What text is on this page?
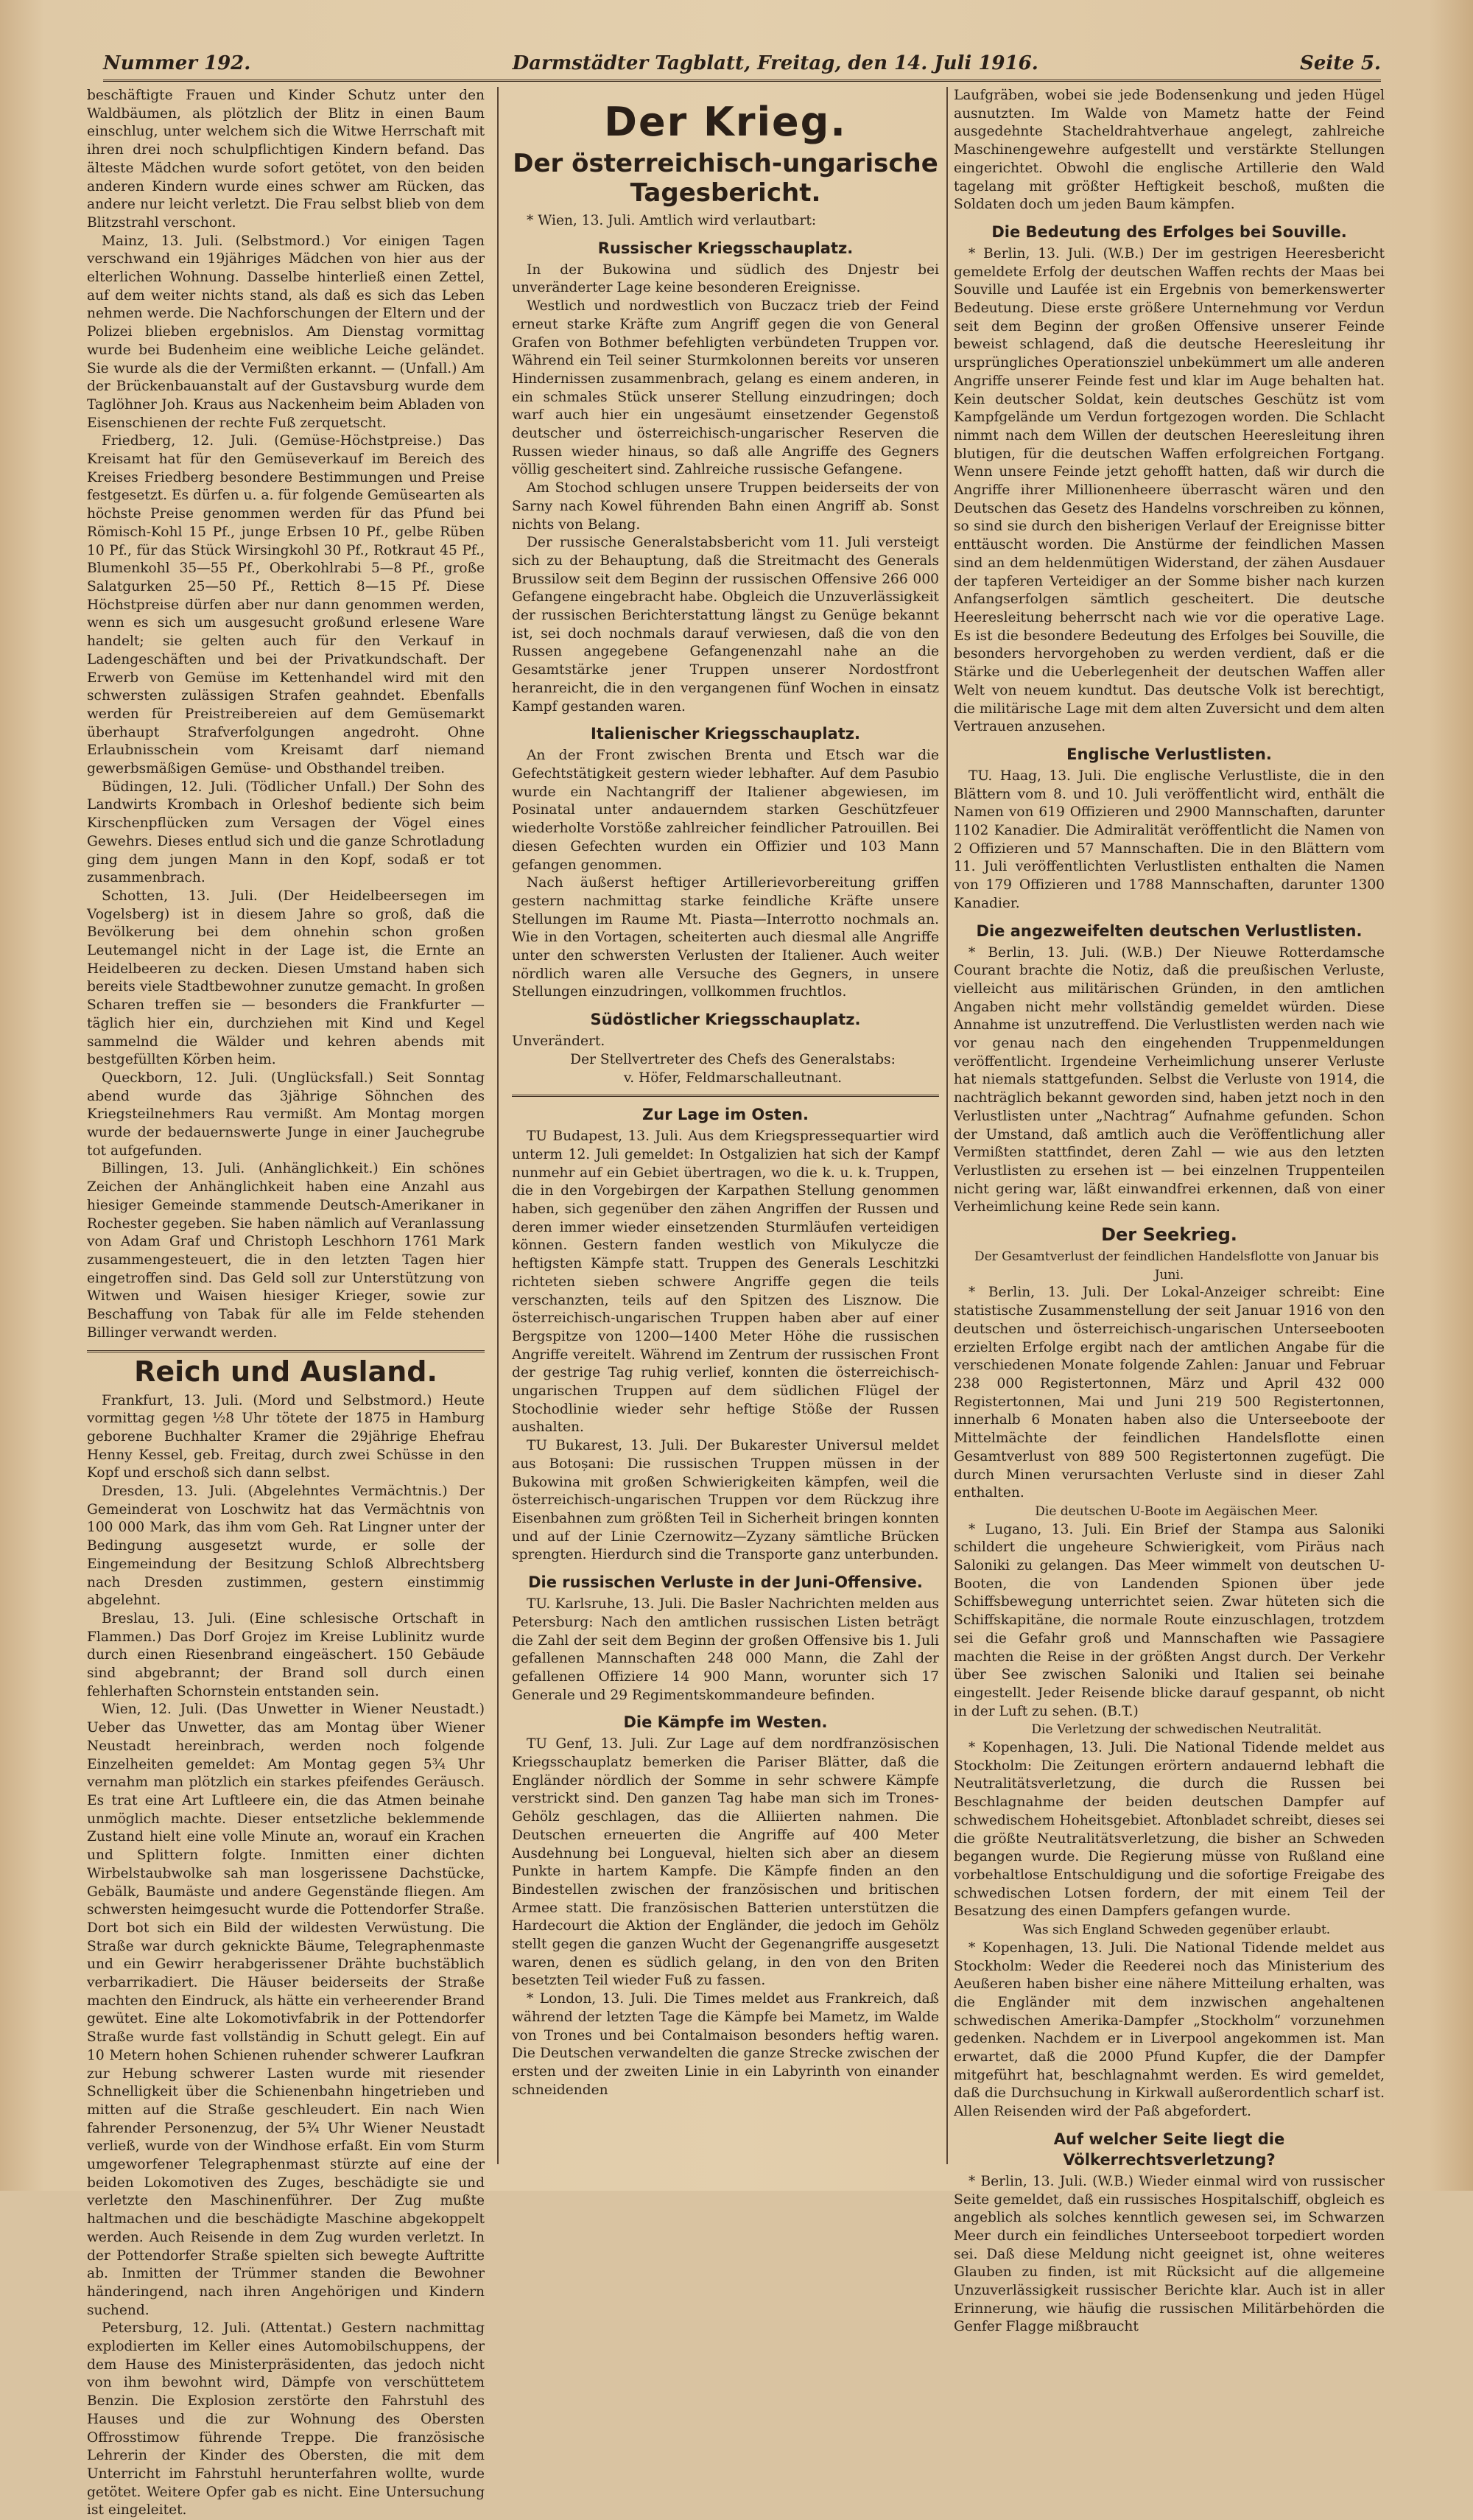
Nummer 192.	Darmstädter Tagblatt, Freitag, den 14. Juli 1916.	Seite 5.

beschäftigte Frauen und Kinder Schutz unter den Waldbäumen, als plötzlich der Blitz in einen Baum einschlug, unter welchem sich die Witwe Herrschaft mit ihren drei noch schulpflichtigen Kindern befand. Das älteste Mädchen wurde sofort getötet, von den beiden anderen Kindern wurde eines schwer am Rücken, das andere nur leicht verletzt. Die Frau selbst blieb von dem Blitzstrahl verschont.

Mainz, 13. Juli. (Selbstmord.) Vor einigen Tagen verschwand ein 19jähriges Mädchen von hier aus der elterlichen Wohnung. Dasselbe hinterließ einen Zettel, auf dem weiter nichts stand, als daß es sich das Leben nehmen werde. Die Nachforschungen der Eltern und der Polizei blieben ergebnislos. Am Dienstag vormittag wurde bei Budenheim eine weibliche Leiche geländet. Sie wurde als die der Vermißten erkannt. — (Unfall.) Am der Brückenbauanstalt auf der Gustavsburg wurde dem Taglöhner Joh. Kraus aus Nackenheim beim Abladen von Eisenschienen der rechte Fuß zerquetscht.

Friedberg, 12. Juli. (Gemüse-Höchstpreise.) Das Kreisamt hat für den Gemüseverkauf im Bereich des Kreises Friedberg besondere Bestimmungen und Preise festgesetzt. Es dürfen u. a. für folgende Gemüsearten als höchste Preise genommen werden für das Pfund bei Römisch-Kohl 15 Pf., junge Erbsen 10 Pf., gelbe Rüben 10 Pf., für das Stück Wirsingkohl 30 Pf., Rotkraut 45 Pf., Blumenkohl 35—55 Pf., Oberkohlrabi 5—8 Pf., große Salatgurken 25—50 Pf., Rettich 8—15 Pf. Diese Höchstpreise dürfen aber nur dann genommen werden, wenn es sich um ausgesucht großund erlesene Ware handelt; sie gelten auch für den Verkauf in Ladengeschäften und bei der Privatkundschaft. Der Erwerb von Gemüse im Kettenhandel wird mit den schwersten zulässigen Strafen geahndet. Ebenfalls werden für Preistreibereien auf dem Gemüsemarkt überhaupt Strafverfolgungen angedroht. Ohne Erlaubnisschein vom Kreisamt darf niemand gewerbsmäßigen Gemüse- und Obsthandel treiben.

Büdingen, 12. Juli. (Tödlicher Unfall.) Der Sohn des Landwirts Krombach in Orleshof bediente sich beim Kirschenpflücken zum Versagen der Vögel eines Gewehrs. Dieses entlud sich und die ganze Schrotladung ging dem jungen Mann in den Kopf, sodaß er tot zusammenbrach.

Schotten, 13. Juli. (Der Heidelbeersegen im Vogelsberg) ist in diesem Jahre so groß, daß die Bevölkerung bei dem ohnehin schon großen Leutemangel nicht in der Lage ist, die Ernte an Heidelbeeren zu decken. Diesen Umstand haben sich bereits viele Stadtbewohner zunutze gemacht. In großen Scharen treffen sie — besonders die Frankfurter — täglich hier ein, durchziehen mit Kind und Kegel sammelnd die Wälder und kehren abends mit bestgefüllten Körben heim.

Queckborn, 12. Juli. (Unglücksfall.) Seit Sonntag abend wurde das 3jährige Söhnchen des Kriegsteilnehmers Rau vermißt. Am Montag morgen wurde der bedauernswerte Junge in einer Jauchegrube tot aufgefunden.

Billingen, 13. Juli. (Anhänglichkeit.) Ein schönes Zeichen der Anhänglichkeit haben eine Anzahl aus hiesiger Gemeinde stammende Deutsch-Amerikaner in Rochester gegeben. Sie haben nämlich auf Veranlassung von Adam Graf und Christoph Leschhorn 1761 Mark zusammengesteuert, die in den letzten Tagen hier eingetroffen sind. Das Geld soll zur Unterstützung von Witwen und Waisen hiesiger Krieger, sowie zur Beschaffung von Tabak für alle im Felde stehenden Billinger verwandt werden.

Reich und Ausland.

Frankfurt, 13. Juli. (Mord und Selbstmord.) Heute vormittag gegen ½8 Uhr tötete der 1875 in Hamburg geborene Buchhalter Kramer die 29jährige Ehefrau Henny Kessel, geb. Freitag, durch zwei Schüsse in den Kopf und erschoß sich dann selbst.

Dresden, 13. Juli. (Abgelehntes Vermächtnis.) Der Gemeinderat von Loschwitz hat das Vermächtnis von 100 000 Mark, das ihm vom Geh. Rat Lingner unter der Bedingung ausgesetzt wurde, er solle der Eingemeindung der Besitzung Schloß Albrechtsberg nach Dresden zustimmen, gestern einstimmig abgelehnt.

Breslau, 13. Juli. (Eine schlesische Ortschaft in Flammen.) Das Dorf Grojez im Kreise Lublinitz wurde durch einen Riesenbrand eingeäschert. 150 Gebäude sind abgebrannt; der Brand soll durch einen fehlerhaften Schornstein entstanden sein.

Wien, 12. Juli. (Das Unwetter in Wiener Neustadt.) Ueber das Unwetter, das am Montag über Wiener Neustadt hereinbrach, werden noch folgende Einzelheiten gemeldet: Am Montag gegen 5¾ Uhr vernahm man plötzlich ein starkes pfeifendes Geräusch. Es trat eine Art Luftleere ein, die das Atmen beinahe unmöglich machte. Dieser entsetzliche beklemmende Zustand hielt eine volle Minute an, worauf ein Krachen und Splittern folgte. Inmitten einer dichten Wirbelstaubwolke sah man losgerissene Dachstücke, Gebälk, Baumäste und andere Gegenstände fliegen. Am schwersten heimgesucht wurde die Pottendorfer Straße. Dort bot sich ein Bild der wildesten Verwüstung. Die Straße war durch geknickte Bäume, Telegraphenmaste und ein Gewirr herabgerissener Drähte buchstäblich verbarrikadiert. Die Häuser beiderseits der Straße machten den Eindruck, als hätte ein verheerender Brand gewütet. Eine alte Lokomotivfabrik in der Pottendorfer Straße wurde fast vollständig in Schutt gelegt. Ein auf 10 Metern hohen Schienen ruhender schwerer Laufkran zur Hebung schwerer Lasten wurde mit riesender Schnelligkeit über die Schienenbahn hingetrieben und mitten auf die Straße geschleudert. Ein nach Wien fahrender Personenzug, der 5¾ Uhr Wiener Neustadt verließ, wurde von der Windhose erfaßt. Ein vom Sturm umgeworfener Telegraphenmast stürzte auf eine der beiden Lokomotiven des Zuges, beschädigte sie und verletzte den Maschinenführer. Der Zug mußte haltmachen und die beschädigte Maschine abgekoppelt werden. Auch Reisende in dem Zug wurden verletzt. In der Pottendorfer Straße spielten sich bewegte Auftritte ab. Inmitten der Trümmer standen die Bewohner händeringend, nach ihren Angehörigen und Kindern suchend.

Petersburg, 12. Juli. (Attentat.) Gestern nachmittag explodierten im Keller eines Automobilschuppens, der dem Hause des Ministerpräsidenten, das jedoch nicht von ihm bewohnt wird, Dämpfe von verschüttetem Benzin. Die Explosion zerstörte den Fahrstuhl des Hauses und die zur Wohnung des Obersten Offrosstimow führende Treppe. Die französische Lehrerin der Kinder des Obersten, die mit dem Unterricht im Fahrstuhl herunterfahren wollte, wurde getötet. Weitere Opfer gab es nicht. Eine Untersuchung ist eingeleitet.

Der Krieg.
Der österreichisch-ungarische Tagesbericht.

* Wien, 13. Juli. Amtlich wird verlautbart:

Russischer Kriegsschauplatz.

In der Bukowina und südlich des Dnjestr bei unveränderter Lage keine besonderen Ereignisse.

Westlich und nordwestlich von Buczacz trieb der Feind erneut starke Kräfte zum Angriff gegen die von General Grafen von Bothmer befehligten verbündeten Truppen vor. Während ein Teil seiner Sturmkolonnen bereits vor unseren Hindernissen zusammenbrach, gelang es einem anderen, in ein schmales Stück unserer Stellung einzudringen; doch warf auch hier ein ungesäumt einsetzender Gegenstoß deutscher und österreichisch-ungarischer Reserven die Russen wieder hinaus, so daß alle Angriffe des Gegners völlig gescheitert sind. Zahlreiche russische Gefangene.

Am Stochod schlugen unsere Truppen beiderseits der von Sarny nach Kowel führenden Bahn einen Angriff ab. Sonst nichts von Belang.

Der russische Generalstabsbericht vom 11. Juli versteigt sich zu der Behauptung, daß die Streitmacht des Generals Brussilow seit dem Beginn der russischen Offensive 266 000 Gefangene eingebracht habe. Obgleich die Unzuverlässigkeit der russischen Berichterstattung längst zu Genüge bekannt ist, sei doch nochmals darauf verwiesen, daß die von den Russen angegebene Gefangenenzahl nahe an die Gesamtstärke jener Truppen unserer Nordostfront heranreicht, die in den vergangenen fünf Wochen in einsatz Kampf gestanden waren.

Italienischer Kriegsschauplatz.

An der Front zwischen Brenta und Etsch war die Gefechtstätigkeit gestern wieder lebhafter. Auf dem Pasubio wurde ein Nachtangriff der Italiener abgewiesen, im Posinatal unter andauerndem starken Geschützfeuer wiederholte Vorstöße zahlreicher feindlicher Patrouillen. Bei diesen Gefechten wurden ein Offizier und 103 Mann gefangen genommen.

Nach äußerst heftiger Artillerievorbereitung griffen gestern nachmittag starke feindliche Kräfte unsere Stellungen im Raume Mt. Piasta—Interrotto nochmals an. Wie in den Vortagen, scheiterten auch diesmal alle Angriffe unter den schwersten Verlusten der Italiener. Auch weiter nördlich waren alle Versuche des Gegners, in unsere Stellungen einzudringen, vollkommen fruchtlos.

Südöstlicher Kriegsschauplatz.

Unverändert.

Der Stellvertreter des Chefs des Generalstabs:

v. Höfer, Feldmarschalleutnant.

Zur Lage im Osten.

TU Budapest, 13. Juli. Aus dem Kriegspressequartier wird unterm 12. Juli gemeldet: In Ostgalizien hat sich der Kampf nunmehr auf ein Gebiet übertragen, wo die k. u. k. Truppen, die in den Vorgebirgen der Karpathen Stellung genommen haben, sich gegenüber den zähen Angriffen der Russen und deren immer wieder einsetzenden Sturmläufen verteidigen können. Gestern fanden westlich von Mikulycze die heftigsten Kämpfe statt. Truppen des Generals Leschitzki richteten sieben schwere Angriffe gegen die teils verschanzten, teils auf den Spitzen des Lisznow. Die österreichisch-ungarischen Truppen haben aber auf einer Bergspitze von 1200—1400 Meter Höhe die russischen Angriffe vereitelt. Während im Zentrum der russischen Front der gestrige Tag ruhig verlief, konnten die österreichisch-ungarischen Truppen auf dem südlichen Flügel der Stochodlinie wieder sehr heftige Stöße der Russen aushalten.

TU Bukarest, 13. Juli. Der Bukarester Universul meldet aus Botoșani: Die russischen Truppen müssen in der Bukowina mit großen Schwierigkeiten kämpfen, weil die österreichisch-ungarischen Truppen vor dem Rückzug ihre Eisenbahnen zum größten Teil in Sicherheit bringen konnten und auf der Linie Czernowitz—Zyzany sämtliche Brücken sprengten. Hierdurch sind die Transporte ganz unterbunden.

Die russischen Verluste in der Juni-Offensive.

TU. Karlsruhe, 13. Juli. Die Basler Nachrichten melden aus Petersburg: Nach den amtlichen russischen Listen beträgt die Zahl der seit dem Beginn der großen Offensive bis 1. Juli gefallenen Mannschaften 248 000 Mann, die Zahl der gefallenen Offiziere 14 900 Mann, worunter sich 17 Generale und 29 Regimentskommandeure befinden.

Die Kämpfe im Westen.

TU Genf, 13. Juli. Zur Lage auf dem nordfranzösischen Kriegsschauplatz bemerken die Pariser Blätter, daß die Engländer nördlich der Somme in sehr schwere Kämpfe verstrickt sind. Den ganzen Tag habe man sich im Trones-Gehölz geschlagen, das die Alliierten nahmen. Die Deutschen erneuerten die Angriffe auf 400 Meter Ausdehnung bei Longueval, hielten sich aber an diesem Punkte in hartem Kampfe. Die Kämpfe finden an den Bindestellen zwischen der französischen und britischen Armee statt. Die französischen Batterien unterstützen die Hardecourt die Aktion der Engländer, die jedoch im Gehölz stellt gegen die ganzen Wucht der Gegenangriffe ausgesetzt waren, denen es südlich gelang, in den von den Briten besetzten Teil wieder Fuß zu fassen.

* London, 13. Juli. Die Times meldet aus Frankreich, daß während der letzten Tage die Kämpfe bei Mametz, im Walde von Trones und bei Contalmaison besonders heftig waren. Die Deutschen verwandelten die ganze Strecke zwischen der ersten und der zweiten Linie in ein Labyrinth von einander schneidenden

Laufgräben, wobei sie jede Bodensenkung und jeden Hügel ausnutzten. Im Walde von Mametz hatte der Feind ausgedehnte Stacheldrahtverhaue angelegt, zahlreiche Maschinengewehre aufgestellt und verstärkte Stellungen eingerichtet. Obwohl die englische Artillerie den Wald tagelang mit größter Heftigkeit beschoß, mußten die Soldaten doch um jeden Baum kämpfen.

Die Bedeutung des Erfolges bei Souville.

* Berlin, 13. Juli. (W.B.) Der im gestrigen Heeresbericht gemeldete Erfolg der deutschen Waffen rechts der Maas bei Souville und Laufée ist ein Ergebnis von bemerkenswerter Bedeutung. Diese erste größere Unternehmung vor Verdun seit dem Beginn der großen Offensive unserer Feinde beweist schlagend, daß die deutsche Heeresleitung ihr ursprüngliches Operationsziel unbekümmert um alle anderen Angriffe unserer Feinde fest und klar im Auge behalten hat. Kein deutscher Soldat, kein deutsches Geschütz ist vom Kampfgelände um Verdun fortgezogen worden. Die Schlacht nimmt nach dem Willen der deutschen Heeresleitung ihren blutigen, für die deutschen Waffen erfolgreichen Fortgang. Wenn unsere Feinde jetzt gehofft hatten, daß wir durch die Angriffe ihrer Millionenheere überrascht wären und den Deutschen das Gesetz des Handelns vorschreiben zu können, so sind sie durch den bisherigen Verlauf der Ereignisse bitter enttäuscht worden. Die Anstürme der feindlichen Massen sind an dem heldenmütigen Widerstand, der zähen Ausdauer der tapferen Verteidiger an der Somme bisher nach kurzen Anfangserfolgen sämtlich gescheitert. Die deutsche Heeresleitung beherrscht nach wie vor die operative Lage. Es ist die besondere Bedeutung des Erfolges bei Souville, die besonders hervorgehoben zu werden verdient, daß er die Stärke und die Ueberlegenheit der deutschen Waffen aller Welt von neuem kundtut. Das deutsche Volk ist berechtigt, die militärische Lage mit dem alten Zuversicht und dem alten Vertrauen anzusehen.

Englische Verlustlisten.

TU. Haag, 13. Juli. Die englische Verlustliste, die in den Blättern vom 8. und 10. Juli veröffentlicht wird, enthält die Namen von 619 Offizieren und 2900 Mannschaften, darunter 1102 Kanadier. Die Admiralität veröffentlicht die Namen von 2 Offizieren und 57 Mannschaften. Die in den Blättern vom 11. Juli veröffentlichten Verlustlisten enthalten die Namen von 179 Offizieren und 1788 Mannschaften, darunter 1300 Kanadier.

Die angezweifelten deutschen Verlustlisten.

* Berlin, 13. Juli. (W.B.) Der Nieuwe Rotterdamsche Courant brachte die Notiz, daß die preußischen Verluste, vielleicht aus militärischen Gründen, in den amtlichen Angaben nicht mehr vollständig gemeldet würden. Diese Annahme ist unzutreffend. Die Verlustlisten werden nach wie vor genau nach den eingehenden Truppenmeldungen veröffentlicht. Irgendeine Verheimlichung unserer Verluste hat niemals stattgefunden. Selbst die Verluste von 1914, die nachträglich bekannt geworden sind, haben jetzt noch in den Verlustlisten unter „Nachtrag“ Aufnahme gefunden. Schon der Umstand, daß amtlich auch die Veröffentlichung aller Vermißten stattfindet, deren Zahl — wie aus den letzten Verlustlisten zu ersehen ist — bei einzelnen Truppenteilen nicht gering war, läßt einwandfrei erkennen, daß von einer Verheimlichung keine Rede sein kann.

Der Seekrieg.

Der Gesamtverlust der feindlichen Handelsflotte von Januar bis Juni.

* Berlin, 13. Juli. Der Lokal-Anzeiger schreibt: Eine statistische Zusammenstellung der seit Januar 1916 von den deutschen und österreichisch-ungarischen Unterseebooten erzielten Erfolge ergibt nach der amtlichen Angabe für die verschiedenen Monate folgende Zahlen: Januar und Februar 238 000 Registertonnen, März und April 432 000 Registertonnen, Mai und Juni 219 500 Registertonnen, innerhalb 6 Monaten haben also die Unterseeboote der Mittelmächte der feindlichen Handelsflotte einen Gesamtverlust von 889 500 Registertonnen zugefügt. Die durch Minen verursachten Verluste sind in dieser Zahl enthalten.

Die deutschen U-Boote im Aegäischen Meer.

* Lugano, 13. Juli. Ein Brief der Stampa aus Saloniki schildert die ungeheure Schwierigkeit, vom Piräus nach Saloniki zu gelangen. Das Meer wimmelt von deutschen U-Booten, die von Landenden Spionen über jede Schiffsbewegung unterrichtet seien. Zwar hüteten sich die Schiffskapitäne, die normale Route einzuschlagen, trotzdem sei die Gefahr groß und Mannschaften wie Passagiere machten die Reise in der größten Angst durch. Der Verkehr über See zwischen Saloniki und Italien sei beinahe eingestellt. Jeder Reisende blicke darauf gespannt, ob nicht in der Luft zu sehen. (B.T.)

Die Verletzung der schwedischen Neutralität.

* Kopenhagen, 13. Juli. Die National Tidende meldet aus Stockholm: Die Zeitungen erörtern andauernd lebhaft die Neutralitätsverletzung, die durch die Russen bei Beschlagnahme der beiden deutschen Dampfer auf schwedischem Hoheitsgebiet. Aftonbladet schreibt, dieses sei die größte Neutralitätsverletzung, die bisher an Schweden begangen wurde. Die Regierung müsse von Rußland eine vorbehaltlose Entschuldigung und die sofortige Freigabe des schwedischen Lotsen fordern, der mit einem Teil der Besatzung des einen Dampfers gefangen wurde.

Was sich England Schweden gegenüber erlaubt.

* Kopenhagen, 13. Juli. Die National Tidende meldet aus Stockholm: Weder die Reederei noch das Ministerium des Aeußeren haben bisher eine nähere Mitteilung erhalten, was die Engländer mit dem inzwischen angehaltenen schwedischen Amerika-Dampfer „Stockholm“ vorzunehmen gedenken. Nachdem er in Liverpool angekommen ist. Man erwartet, daß die 2000 Pfund Kupfer, die der Dampfer mitgeführt hat, beschlagnahmt werden. Es wird gemeldet, daß die Durchsuchung in Kirkwall außerordentlich scharf ist. Allen Reisenden wird der Paß abgefordert.

Auf welcher Seite liegt die Völkerrechtsverletzung?

* Berlin, 13. Juli. (W.B.) Wieder einmal wird von russischer Seite gemeldet, daß ein russisches Hospitalschiff, obgleich es angeblich als solches kenntlich gewesen sei, im Schwarzen Meer durch ein feindliches Unterseeboot torpediert worden sei. Daß diese Meldung nicht geeignet ist, ohne weiteres Glauben zu finden, ist mit Rücksicht auf die allgemeine Unzuverlässigkeit russischer Berichte klar. Auch ist in aller Erinnerung, wie häufig die russischen Militärbehörden die Genfer Flagge mißbraucht
